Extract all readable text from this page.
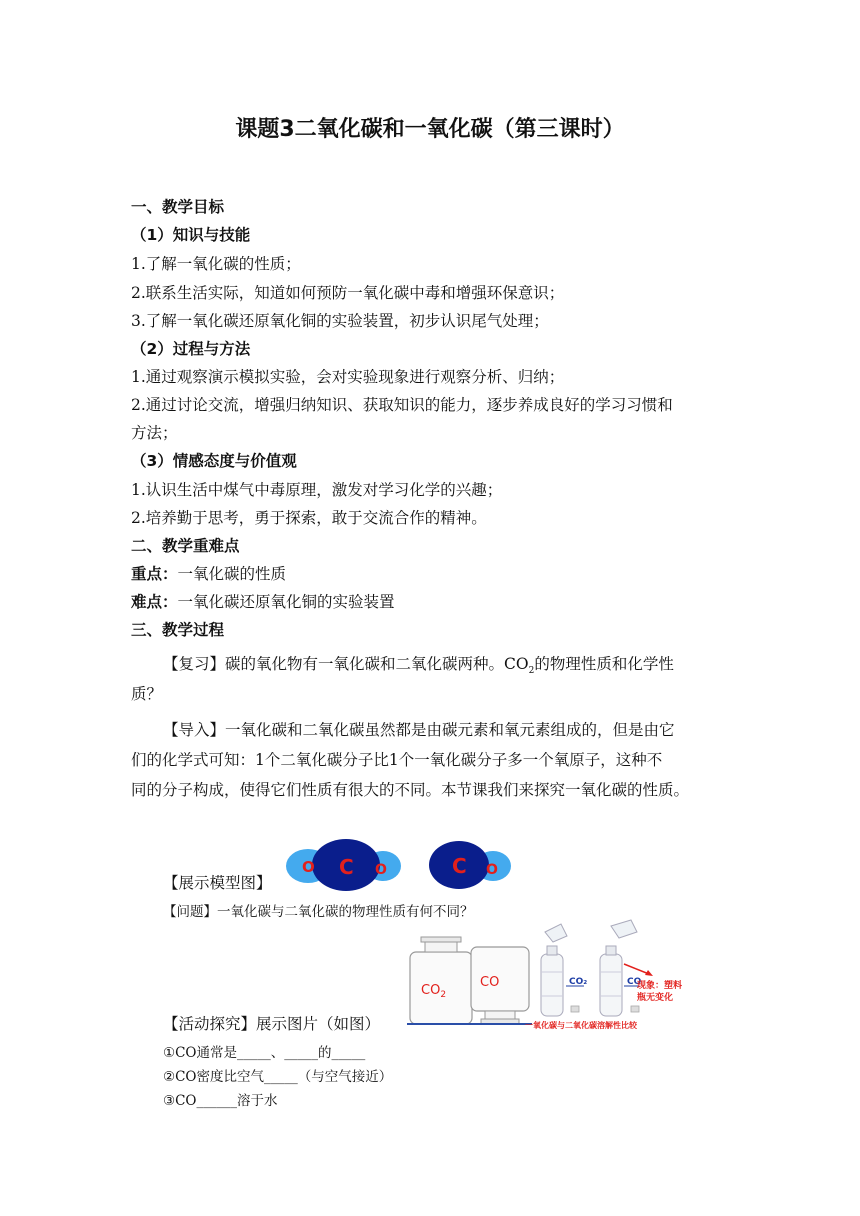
课题3二氧化碳和一氧化碳（第三课时）
一、教学目标
（1）知识与技能
1.了解一氧化碳的性质；
2.联系生活实际，知道如何预防一氧化碳中毒和增强环保意识；
3.了解一氧化碳还原氧化铜的实验装置，初步认识尾气处理；
（2）过程与方法
1.通过观察演示模拟实验，会对实验现象进行观察分析、归纳；
2.通过讨论交流，增强归纳知识、获取知识的能力，逐步养成良好的学习习惯和
方法；
（3）情感态度与价值观
1.认识生活中煤气中毒原理，激发对学习化学的兴趣；
2.培养勤于思考，勇于探索，敢于交流合作的精神。
二、教学重难点
重点：一氧化碳的性质
难点：一氧化碳还原氧化铜的实验装置
三、教学过程
【复习】碳的氧化物有一氧化碳和二氧化碳两种。$CO_2$的物理性质和化学性
质？
【导入】一氧化碳和二氧化碳虽然都是由碳元素和氧元素组成的，但是由它
们的化学式可知：1个二氧化碳分子比1个一氧化碳分子多一个氧原子，这种不
同的分子构成，使得它们性质有很大的不同。本节课我们来探究一氧化碳的性质。
【展示模型图】
O C O	C O
【问题】一氧化碳与二氧化碳的物理性质有何不同？
$CO_2$
CO	CO₂	CO
现象：塑料
瓶无变化
一氧化碳与二氧化碳溶解性比较
【活动探究】展示图片（如图）
①CO通常是_____、_____的_____
②CO密度比空气_____（与空气接近）
③CO______溶于水
